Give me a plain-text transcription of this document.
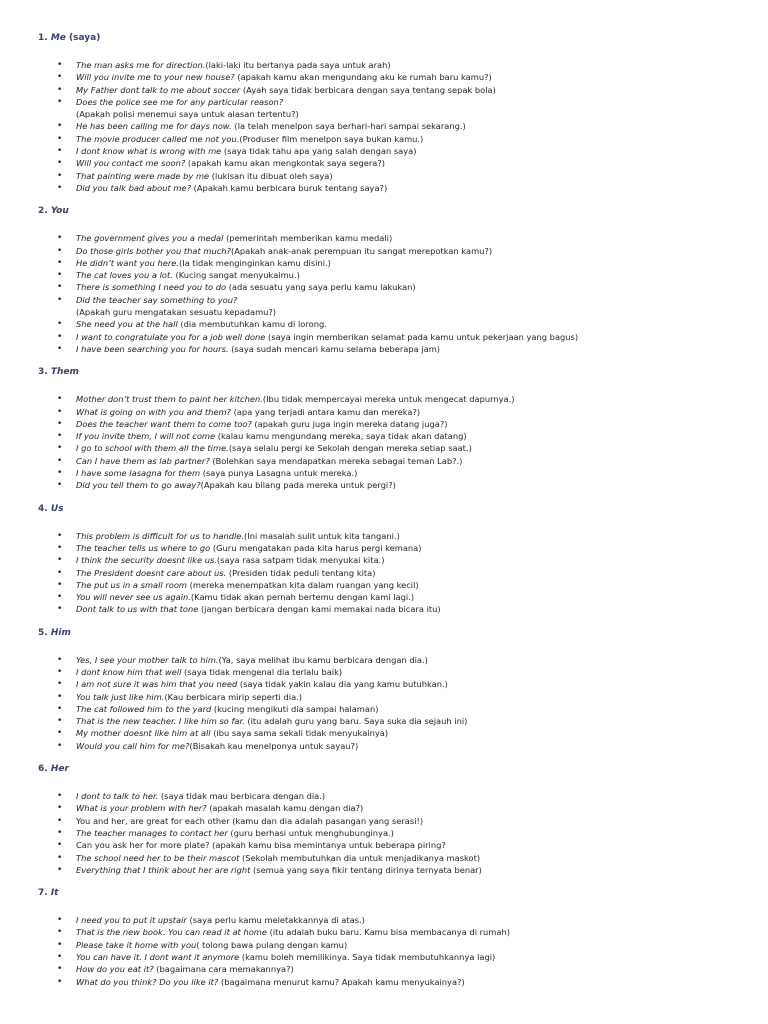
1. Me (saya)
• The man asks me for direction.(laki-laki itu bertanya pada saya untuk arah)
• Will you invite me to your new house? (apakah kamu akan mengundang aku ke rumah baru kamu?)
• My Father dont talk to me about soccer (Ayah saya tidak berbicara dengan saya tentang sepak bola)
• Does the police see me for any particular reason?
(Apakah polisi menemui saya untuk alasan tertentu?)
• He has been calling me for days now. (Ia telah menelpon saya berhari-hari sampai sekarang.)
• The movie producer called me not you.(Produser film menelpon saya bukan kamu.)
• I dont know what is wrong with me (saya tidak tahu apa yang salah dengan saya)
• Will you contact me soon? (apakah kamu akan mengkontak saya segera?)
• That painting were made by me (lukisan itu dibuat oleh saya)
• Did you talk bad about me? (Apakah kamu berbicara buruk tentang saya?)
2. You
• The government gives you a medal (pemerintah memberikan kamu medali)
• Do those girls bother you that much?(Apakah anak-anak perempuan itu sangat merepotkan kamu?)
• He didn’t want you here.(Ia tidak menginginkan kamu disini.)
• The cat loves you a lot. (Kucing sangat menyukaimu.)
• There is something I need you to do (ada sesuatu yang saya perlu kamu lakukan)
• Did the teacher say something to you?
(Apakah guru mengatakan sesuatu kepadamu?)
• She need you at the hall (dia membutuhkan kamu di lorong.
• I want to congratulate you for a job well done (saya ingin memberikan selamat pada kamu untuk pekerjaan yang bagus)
• I have been searching you for hours. (saya sudah mencari kamu selama beberapa jam)
3. Them
• Mother don’t trust them to paint her kitchen.(Ibu tidak mempercayai mereka untuk mengecat dapurnya.)
• What is going on with you and them? (apa yang terjadi antara kamu dan mereka?)
• Does the teacher want them to come too? (apakah guru juga ingin mereka datang juga?)
• If you invite them, I will not come (kalau kamu mengundang mereka, saya tidak akan datang)
• I go to school with them all the time.(saya selalu pergi ke Sekolah dengan mereka setiap saat.)
• Can I have them as lab partner? (Bolehkan saya mendapatkan mereka sebagai teman Lab?.)
• I have some lasagna for them (saya punya Lasagna untuk mereka.)
• Did you tell them to go away?(Apakah kau bilang pada mereka untuk pergi?)
4. Us
• This problem is difficult for us to handle.(Ini masalah sulit untuk kita tangani.)
• The teacher tells us where to go (Guru mengatakan pada kita harus pergi kemana)
• I think the security doesnt like us.(saya rasa satpam tidak menyukai kita.)
• The President doesnt care about us. (Presiden tidak peduli tentang kita)
• The put us in a small room (mereka menempatkan kita dalam ruangan yang kecil)
• You will never see us again.(Kamu tidak akan pernah bertemu dengan kami lagi.)
• Dont talk to us with that tone (jangan berbicara dengan kami memakai nada bicara itu)
5. Him
• Yes, I see your mother talk to him.(Ya, saya melihat ibu kamu berbicara dengan dia.)
• I dont know him that well (saya tidak mengenal dia terlalu baik)
• I am not sure it was him that you need (saya tidak yakin kalau dia yang kamu butuhkan.)
• You talk just like him.(Kau berbicara mirip seperti dia.)
• The cat followed him to the yard (kucing mengikuti dia sampai halaman)
• That is the new teacher. I like him so far. (itu adalah guru yang baru. Saya suka dia sejauh ini)
• My mother doesnt like him at all (ibu saya sama sekali tidak menyukainya)
• Would you call him for me?(Bisakah kau menelponya untuk sayau?)
6. Her
• I dont to talk to her. (saya tidak mau berbicara dengan dia.)
• What is your problem with her? (apakah masalah kamu dengan dia?)
• You and her, are great for each other (kamu dan dia adalah pasangan yang serasi!)
• The teacher manages to contact her (guru berhasi untuk menghubunginya.)
• Can you ask her for more plate? (apakah kamu bisa memintanya untuk beberapa piring?
• The school need her to be their mascot (Sekolah membutuhkan dia untuk menjadikanya maskot)
• Everything that I think about her are right (semua yang saya fikir tentang dirinya ternyata benar)
7. It
• I need you to put it upstair (saya perlu kamu meletakkannya di atas.)
• That is the new book. You can read it at home (itu adalah buku baru. Kamu bisa membacanya di rumah)
• Please take it home with you( tolong bawa pulang dengan kamu)
• You can have it. I dont want it anymore (kamu boleh memilikinya. Saya tidak membutuhkannya lagi)
• How do you eat it? (bagaimana cara memakannya?)
• What do you think? Do you like it? (bagaimana menurut kamu? Apakah kamu menyukainya?)
